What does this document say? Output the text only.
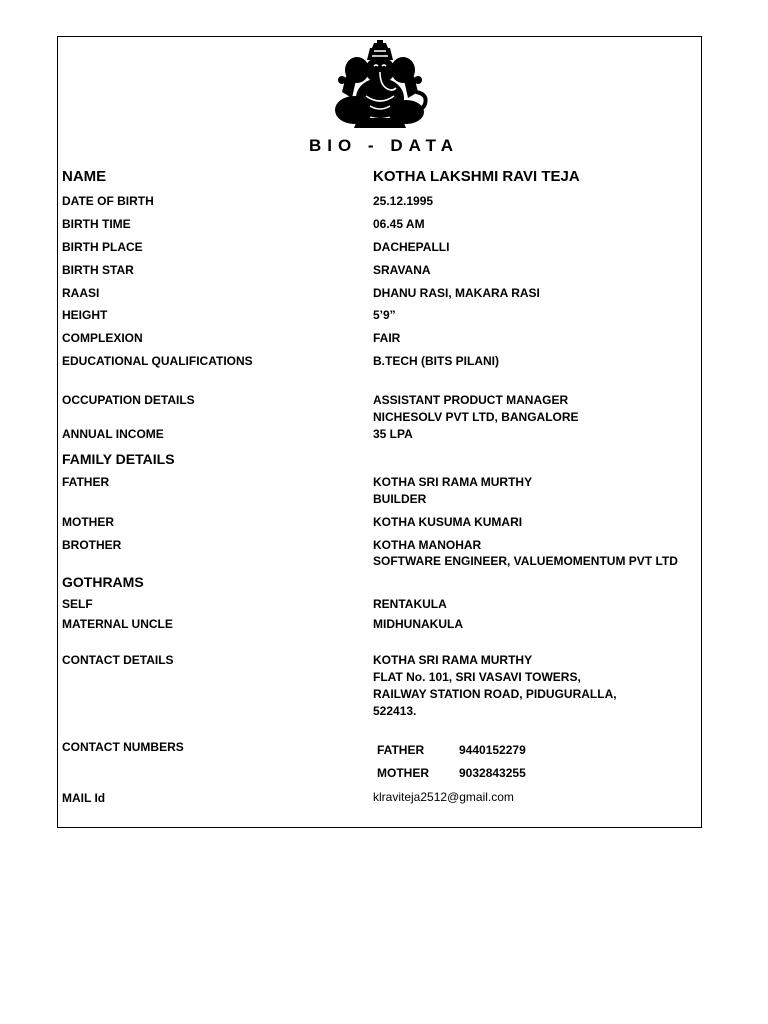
BIO - DATA
NAME	KOTHA LAKSHMI RAVI TEJA
DATE OF BIRTH	25.12.1995
BIRTH TIME	06.45 AM
BIRTH PLACE	DACHEPALLI
BIRTH STAR	SRAVANA
RAASI	DHANU RASI, MAKARA RASI
HEIGHT	5’9”
COMPLEXION	FAIR
EDUCATIONAL QUALIFICATIONS	B.TECH (BITS PILANI)
OCCUPATION DETAILS	ASSISTANT PRODUCT MANAGER
NICHESOLV PVT LTD, BANGALORE
ANNUAL INCOME	35 LPA
FAMILY DETAILS
FATHER	KOTHA SRI RAMA MURTHY
BUILDER
MOTHER	KOTHA KUSUMA KUMARI
BROTHER	KOTHA MANOHAR
SOFTWARE ENGINEER, VALUEMOMENTUM PVT LTD
GOTHRAMS
SELF	RENTAKULA
MATERNAL UNCLE	MIDHUNAKULA
CONTACT DETAILS	KOTHA SRI RAMA MURTHY
FLAT No. 101, SRI VASAVI TOWERS,
RAILWAY STATION ROAD, PIDUGURALLA,
522413.
CONTACT NUMBERS	FATHER	9440152279
MOTHER	9032843255
MAIL Id	klraviteja2512@gmail.com
